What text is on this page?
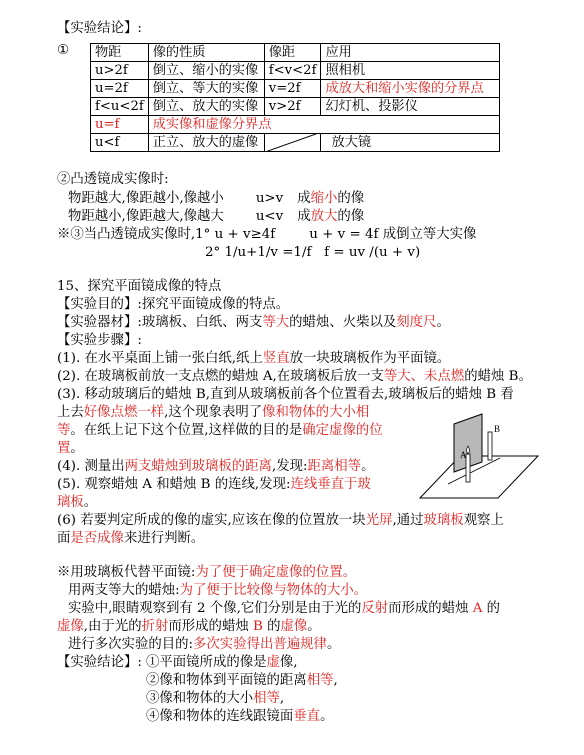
【实验结论】:
① 物距	像的性质	像距	应用
u>2f	倒立、缩小的实像	f<v<2f	照相机
u=2f	倒立、等大的实像	v=2f	成放大和缩小实像的分界点
f<u<2f	倒立、放大的实像	v>2f	幻灯机、投影仪
u=f	成实像和虚像分界点		
u<f	正立、放大的虚像		放大镜
②凸透镜成实像时:
物距越大,像距越小,像越小 u>v 成缩小的像
物距越小,像距越大,像越大 u<v 成放大的像
※③当凸透镜成实像时,1° u + v≥4f        u + v = 4f 成倒立等大实像
2° 1/u+1/v =1/f   f = uv /(u + v)
15、探究平面镜成像的特点
【实验目的】:探究平面镜成像的特点。
【实验器材】:玻璃板、白纸、两支等大的蜡烛、火柴以及刻度尺。
【实验步骤】:
(1). 在水平桌面上铺一张白纸,纸上竖直放一块玻璃板作为平面镜。
(2). 在玻璃板前放一支点燃的蜡烛 A,在玻璃板后放一支等大、未点燃的蜡烛 B。
(3). 移动玻璃后的蜡烛 B,直到从玻璃板前各个位置看去,玻璃板后的蜡烛 B 看
上去好像点燃一样,这个现象表明了像和物体的大小相
等。在纸上记下这个位置,这样做的目的是确定虚像的位
置。
(4). 测量出两支蜡烛到玻璃板的距离,发现:距离相等。
(5). 观察蜡烛 A 和蜡烛 B 的连线,发现:连线垂直于玻
璃板。
(6) 若要判定所成的像的虚实,应该在像的位置放一块光屏,通过玻璃板观察上
面是否成像来进行判断。
A
B
※用玻璃板代替平面镜:为了便于确定虚像的位置。
用两支等大的蜡烛:为了便于比较像与物体的大小。
实验中,眼睛观察到有 2 个像,它们分别是由于光的反射而形成的蜡烛 A 的
虚像,由于光的折射而形成的蜡烛 B 的虚像。
进行多次实验的目的:多次实验得出普遍规律。
【实验结论】: ①平面镜所成的像是虚像,
②像和物体到平面镜的距离相等,
③像和物体的大小相等,
④像和物体的连线跟镜面垂直。
